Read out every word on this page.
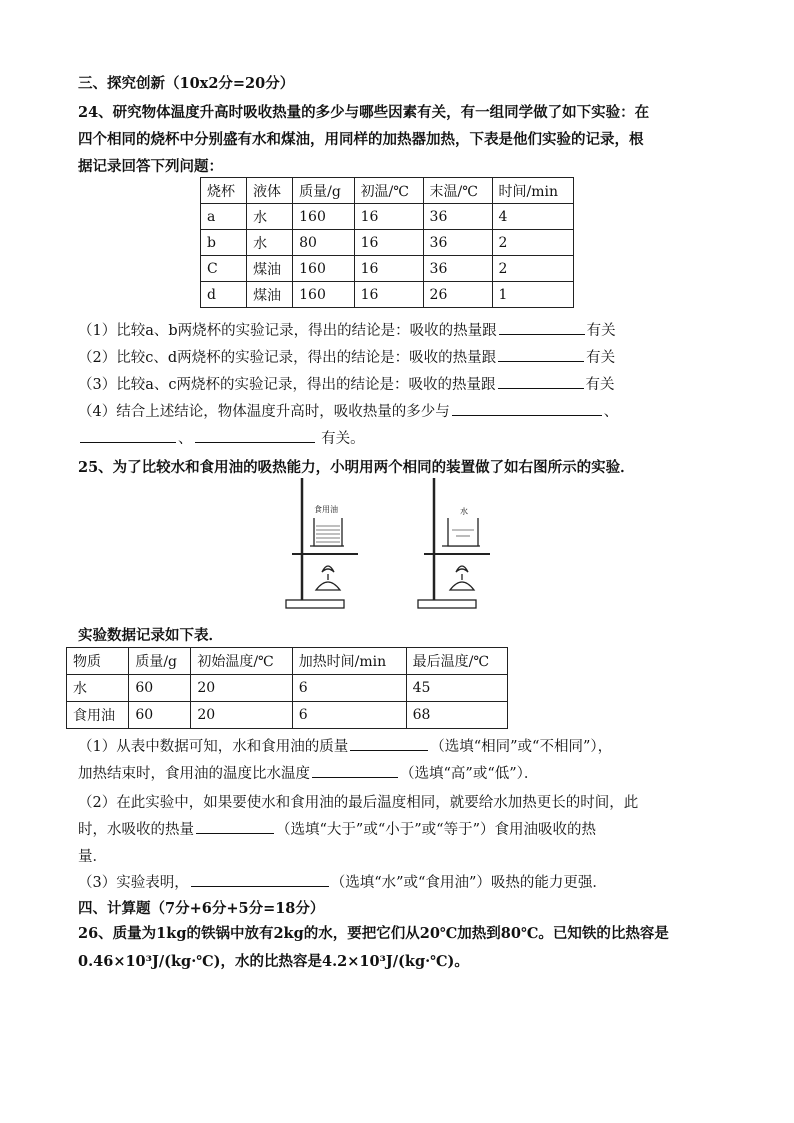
三、探究创新（10x2分=20分）
24、研究物体温度升高时吸收热量的多少与哪些因素有关，有一组同学做了如下实验：在
四个相同的烧杯中分别盛有水和煤油，用同样的加热器加热，下表是他们实验的记录，根
据记录回答下列问题：
烧杯	液体	质量/g	初温/℃	末温/℃	时间/min
a	水	160	16	36	4
b	水	80	16	36	2
C	煤油	160	16	36	2
d	煤油	160	16	26	1
（1）比较a、b两烧杯的实验记录，得出的结论是：吸收的热量跟	有关
（2）比较c、d两烧杯的实验记录，得出的结论是：吸收的热量跟	有关
（3）比较a、c两烧杯的实验记录，得出的结论是：吸收的热量跟	有关
（4）结合上述结论，物体温度升高时，吸收热量的多少与	、
、	有关。
25、为了比较水和食用油的吸热能力，小明用两个相同的装置做了如右图所示的实验．
食用油	水
实验数据记录如下表．
物质	质量/g	初始温度/℃	加热时间/min	最后温度/℃
水	60	20	6	45
食用油	60	20	6	68
（1）从表中数据可知，水和食用油的质量	（选填“相同”或“不相同”），
加热结束时，食用油的温度比水温度	（选填“高”或“低”）．
（2）在此实验中，如果要使水和食用油的最后温度相同，就要给水加热更长的时间，此
时，水吸收的热量	（选填“大于”或“小于”或“等于”）食用油吸收的热
量．
（3）实验表明，	（选填“水”或“食用油”）吸热的能力更强．
四、计算题（7分+6分+5分=18分）
26、质量为1kg的铁锅中放有2kg的水，要把它们从20℃加热到80℃。已知铁的比热容是
0.46×10³J/(kg·℃)，水的比热容是4.2×10³J/(kg·℃)。
